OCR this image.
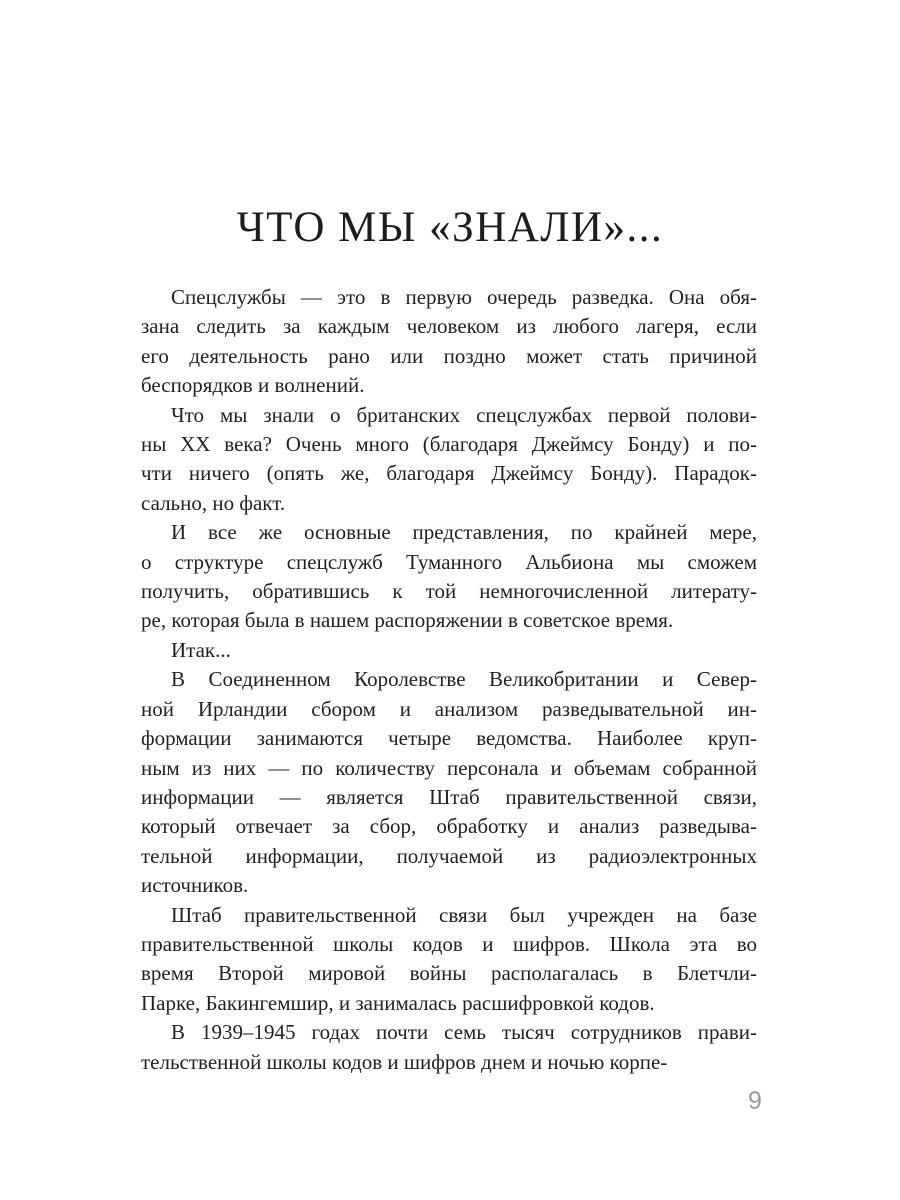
ЧТО МЫ «ЗНАЛИ»...
Спецслужбы — это в первую очередь разведка. Она обя-
зана следить за каждым человеком из любого лагеря, если
его деятельность рано или поздно может стать причиной
беспорядков и волнений.
Что мы знали о британских спецслужбах первой полови-
ны XX века? Очень много (благодаря Джеймсу Бонду) и по-
чти ничего (опять же, благодаря Джеймсу Бонду). Парадок-
сально, но факт.
И все же основные представления, по крайней мере,
о структуре спецслужб Туманного Альбиона мы сможем
получить, обратившись к той немногочисленной литерату-
ре, которая была в нашем распоряжении в советское время.
Итак...
В Соединенном Королевстве Великобритании и Север-
ной Ирландии сбором и анализом разведывательной ин-
формации занимаются четыре ведомства. Наиболее круп-
ным из них — по количеству персонала и объемам собранной
информации — является Штаб правительственной связи,
который отвечает за сбор, обработку и анализ разведыва-
тельной информации, получаемой из радиоэлектронных
источников.
Штаб правительственной связи был учрежден на базе
правительственной школы кодов и шифров. Школа эта во
время Второй мировой войны располагалась в Блетчли-
Парке, Бакингемшир, и занималась расшифровкой кодов.
В 1939–1945 годах почти семь тысяч сотрудников прави-
тельственной школы кодов и шифров днем и ночью корпе-
9
